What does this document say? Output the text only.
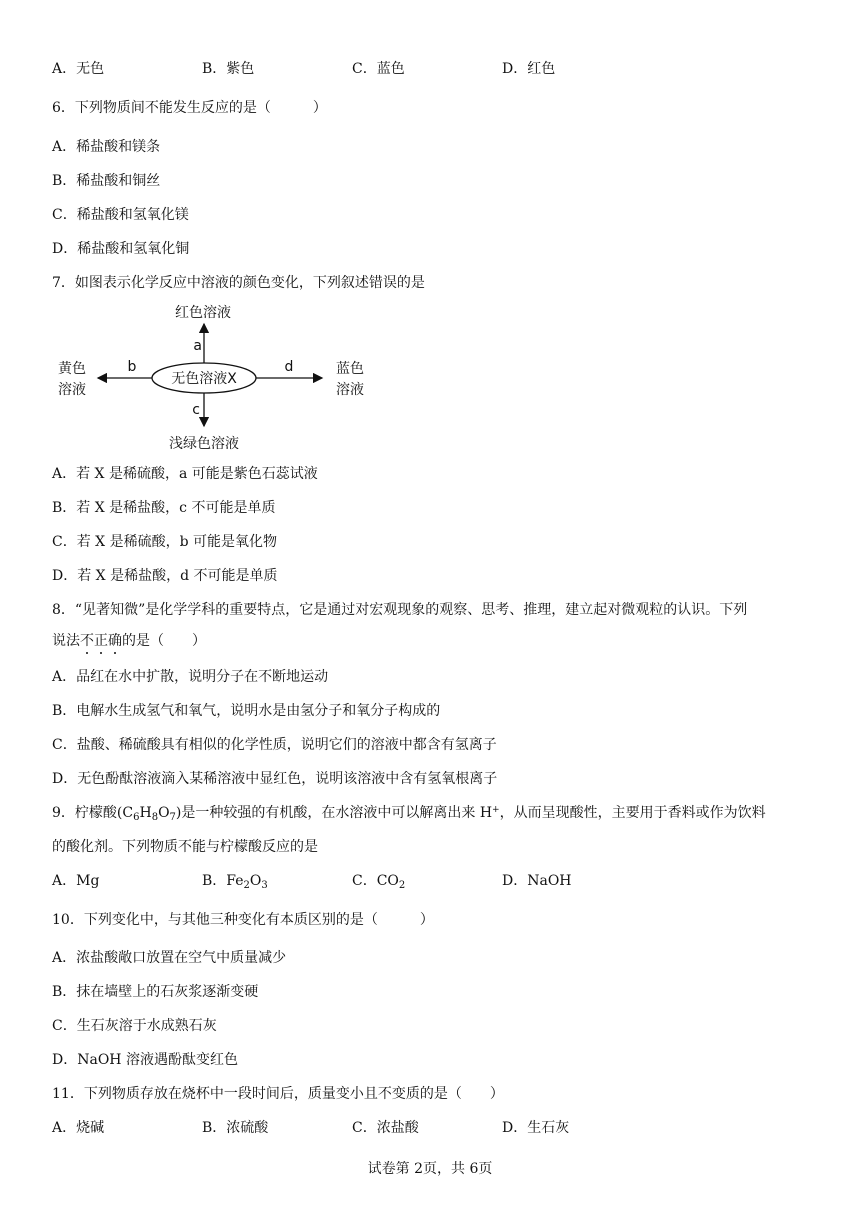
A．无色	B．紫色	C．蓝色	D．红色
6．下列物质间不能发生反应的是（　　　）
A．稀盐酸和镁条
B．稀盐酸和铜丝
C．稀盐酸和氢氧化镁
D．稀盐酸和氢氧化铜
7．如图表示化学反应中溶液的颜色变化，下列叙述错误的是
无色溶液X
红色溶液
a
浅绿色溶液
c
黄色
溶液
b	蓝色
溶液
d
A．若 X 是稀硫酸，a 可能是紫色石蕊试液
B．若 X 是稀盐酸，c 不可能是单质
C．若 X 是稀硫酸，b 可能是氧化物
D．若 X 是稀盐酸，d 不可能是单质
8．“见著知微”是化学学科的重要特点，它是通过对宏观现象的观察、思考、推理，建立起对微观粒的认识。下列
说法不正确的是（　　）
A．品红在水中扩散，说明分子在不断地运动
B．电解水生成氢气和氧气，说明水是由氢分子和氧分子构成的
C．盐酸、稀硫酸具有相似的化学性质，说明它们的溶液中都含有氢离子
D．无色酚酞溶液滴入某稀溶液中显红色，说明该溶液中含有氢氧根离子
9．柠檬酸$(C_6H_8O_7)$是一种较强的有机酸，在水溶液中可以解离出来 H+，从而呈现酸性，主要用于香料或作为饮料
的酸化剂。下列物质不能与柠檬酸反应的是
A．Mg	B．$Fe_2O_3$	C．$CO_2$	D．NaOH
10．下列变化中，与其他三种变化有本质区别的是（　　　）
A．浓盐酸敞口放置在空气中质量减少
B．抹在墙壁上的石灰浆逐渐变硬
C．生石灰溶于水成熟石灰
D．NaOH 溶液遇酚酞变红色
11．下列物质存放在烧杯中一段时间后，质量变小且不变质的是（　　）
A．烧碱	B．浓硫酸	C．浓盐酸	D．生石灰
试卷第 2页，共 6页
